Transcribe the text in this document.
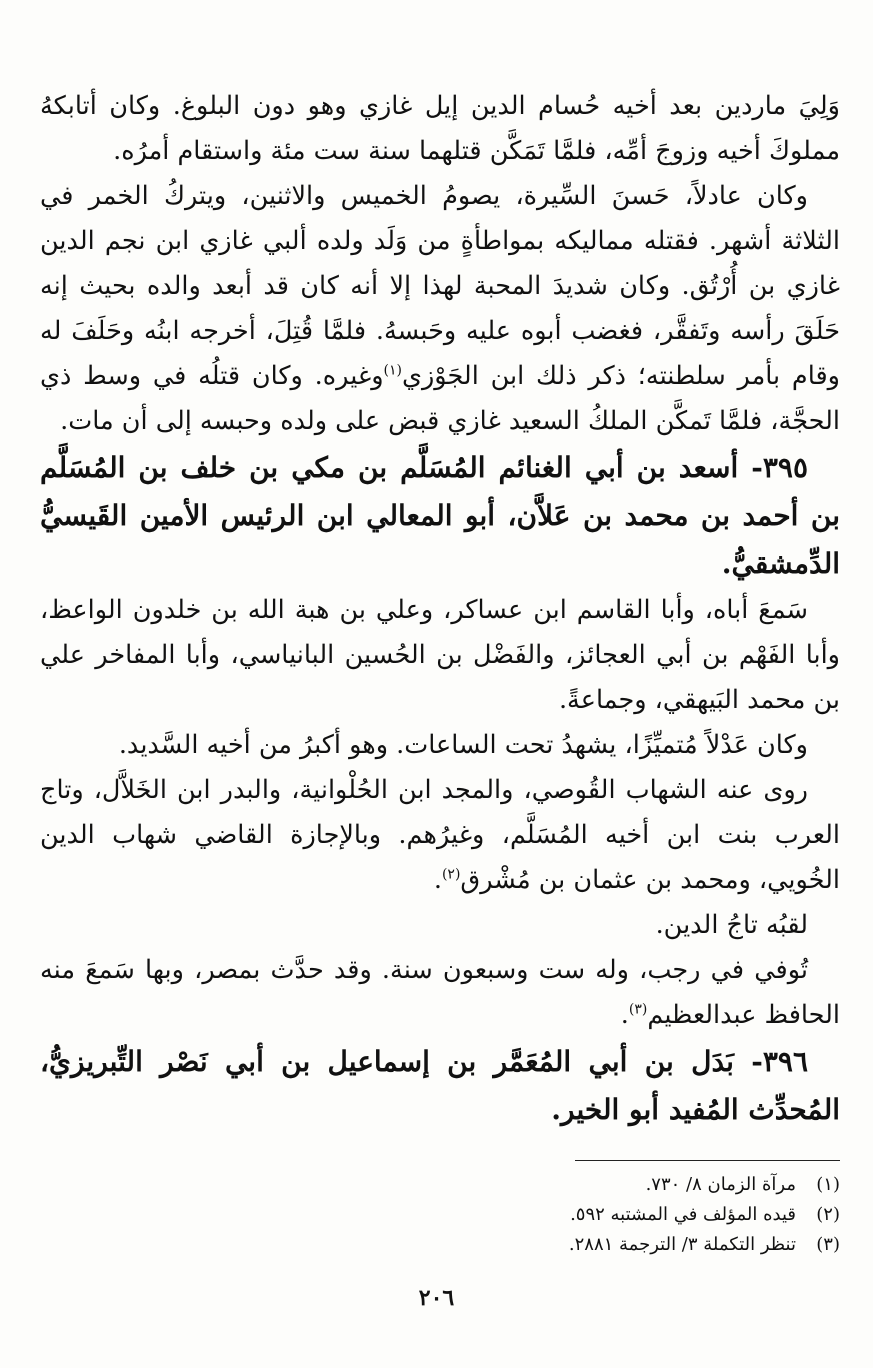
وَلِيَ ماردين بعد أخيه حُسام الدين إيل غازي وهو دون البلوغ. وكان أتابكهُ مملوكَ أخيه وزوجَ أمِّه، فلمَّا تَمَكَّن قتلهما سنة ست مئة واستقام أمرُه.

وكان عادلاً، حَسنَ السِّيرة، يصومُ الخميس والاثنين، ويتركُ الخمر في الثلاثة أشهر. فقتله مماليكه بمواطأةٍ من وَلَد ولده ألبي غازي ابن نجم الدين غازي بن أُرْتُق. وكان شديدَ المحبة لهذا إلا أنه كان قد أبعد والده بحيث إنه حَلَقَ رأسه وتَفقَّر، فغضب أبوه عليه وحَبسهُ. فلمَّا قُتِلَ، أخرجه ابنُه وحَلَفَ له وقام بأمر سلطنته؛ ذكر ذلك ابن الجَوْزي$^{(١)}$وغيره. وكان قتلُه في وسط ذي الحجَّة، فلمَّا تَمكَّن الملكُ السعيد غازي قبض على ولده وحبسه إلى أن مات.

٣٩٥- أسعد بن أبي الغنائم المُسَلَّم بن مكي بن خلف بن المُسَلَّم بن أحمد بن محمد بن عَلاَّن، أبو المعالي ابن الرئيس الأمين القَيسيُّ الدِّمشقيُّ.

سَمعَ أباه، وأبا القاسم ابن عساكر، وعلي بن هبة الله بن خلدون الواعظ، وأبا الفَهْم بن أبي العجائز، والفَضْل بن الحُسين البانياسي، وأبا المفاخر علي بن محمد البَيهقي، وجماعةً.

وكان عَدْلاً مُتميِّزًا، يشهدُ تحت الساعات. وهو أكبرُ من أخيه السَّديد.

روى عنه الشهاب القُوصي، والمجد ابن الحُلْوانية، والبدر ابن الخَلاَّل، وتاج العرب بنت ابن أخيه المُسَلَّم، وغيرُهم. وبالإجازة القاضي شهاب الدين الخُويي، ومحمد بن عثمان بن مُشْرق$^{(٢)}$.

لقبُه تاجُ الدين.

تُوفي في رجب، وله ست وسبعون سنة. وقد حدَّث بمصر، وبها سَمعَ منه الحافظ عبدالعظيم$^{(٣)}$.

٣٩٦- بَدَل بن أبي المُعَمَّر بن إسماعيل بن أبي نَصْر التِّبريزيُّ، المُحدِّث المُفيد أبو الخير.

(١)مرآة الزمان ٨/ ٧٣٠.

(٢)قيده المؤلف في المشتبه ٥٩٢.

(٣)تنظر التكملة ٣/ الترجمة ٢٨٨١.

٢٠٦
